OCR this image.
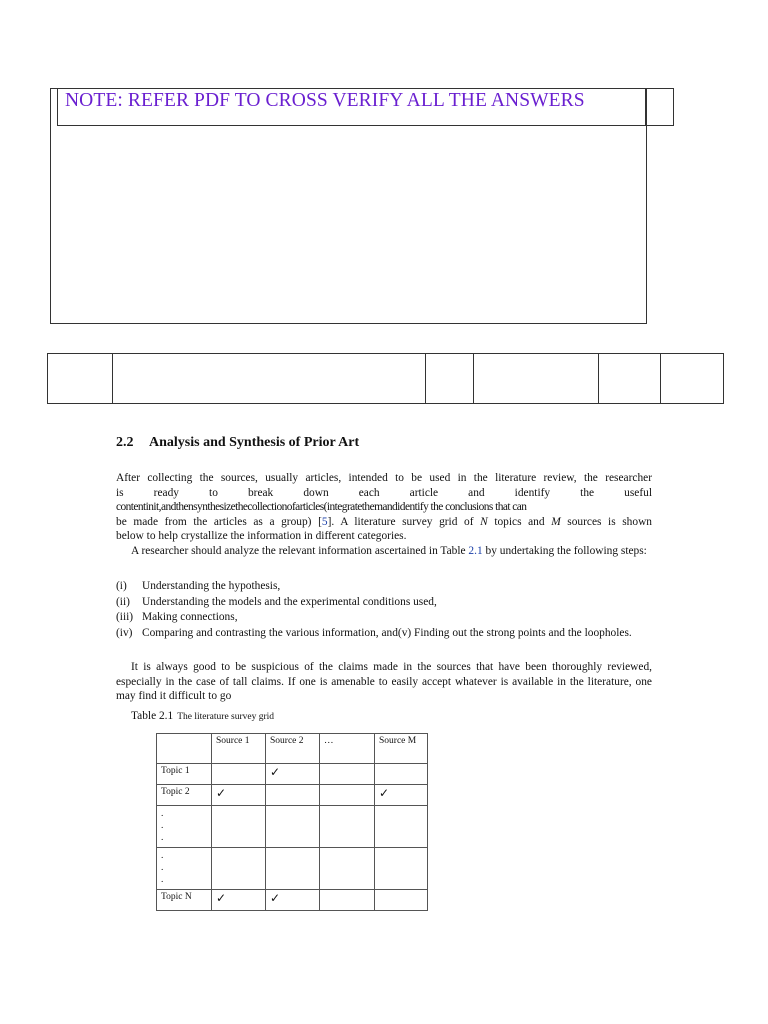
NOTE: REFER PDF TO CROSS VERIFY ALL THE ANSWERS

2.2 Analysis and Synthesis of Prior Art
After collecting the sources, usually articles, intended to be used in the literature review, the researcher
is ready to break down each article and identify the useful
contentinit,andthensynthesizethecollectionofarticles(integratethemandidentify the conclusions that can
be made from the articles as a group) [5]. A literature survey grid of N topics and M sources is shown
below to help crystallize the information in different categories.
A researcher should analyze the relevant information ascertained in Table 2.1 by undertaking the following steps:
(i) Understanding the hypothesis,
(ii) Understanding the models and the experimental conditions used,
(iii) Making connections,
(iv) Comparing and contrasting the various information, and(v) Finding out the strong points and the loopholes.
It is always good to be suspicious of the claims made in the sources that have been thoroughly reviewed, especially in the case of tall claims. If one is amenable to easily accept whatever is available in the literature, one may find it difficult to go
Table 2.1 The literature survey grid
	Source 1	Source 2	…	Source M
Topic 1		✓		
Topic 2	✓			✓
.
.
.				
.
.
.				
Topic N	✓	✓		
